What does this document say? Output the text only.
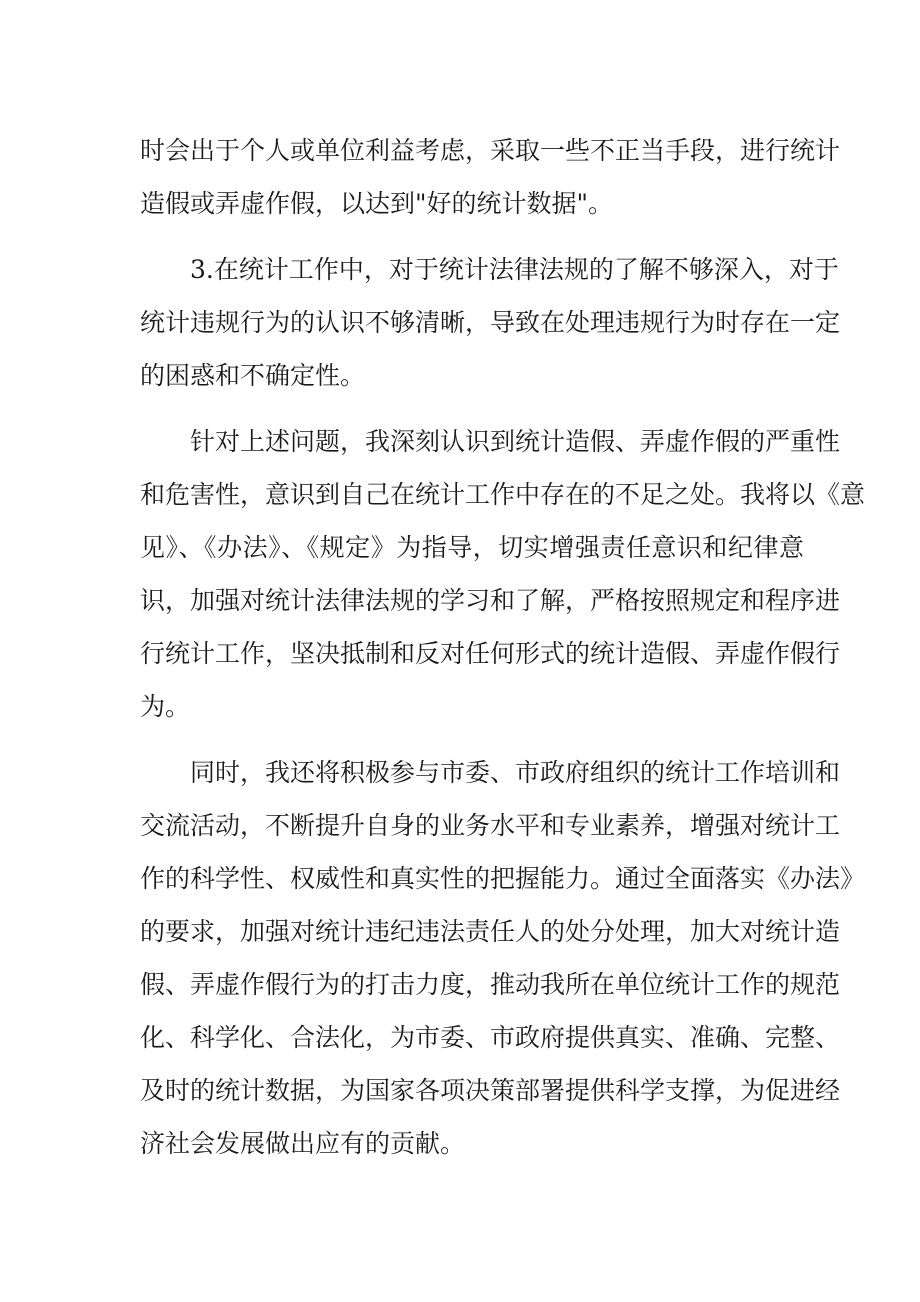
时会出于个人或单位利益考虑，采取一些不正当手段，进行统计
造假或弄虚作假，以达到"好的统计数据"。
　　3.在统计工作中，对于统计法律法规的了解不够深入，对于
统计违规行为的认识不够清晰，导致在处理违规行为时存在一定
的困惑和不确定性。
　　针对上述问题，我深刻认识到统计造假、弄虚作假的严重性
和危害性，意识到自己在统计工作中存在的不足之处。我将以《意
见》、《办法》、《规定》为指导，切实增强责任意识和纪律意
识，加强对统计法律法规的学习和了解，严格按照规定和程序进
行统计工作，坚决抵制和反对任何形式的统计造假、弄虚作假行
为。
　　同时，我还将积极参与市委、市政府组织的统计工作培训和
交流活动，不断提升自身的业务水平和专业素养，增强对统计工
作的科学性、权威性和真实性的把握能力。通过全面落实《办法》
的要求，加强对统计违纪违法责任人的处分处理，加大对统计造
假、弄虚作假行为的打击力度，推动我所在单位统计工作的规范
化、科学化、合法化，为市委、市政府提供真实、准确、完整、
及时的统计数据，为国家各项决策部署提供科学支撑，为促进经
济社会发展做出应有的贡献。
